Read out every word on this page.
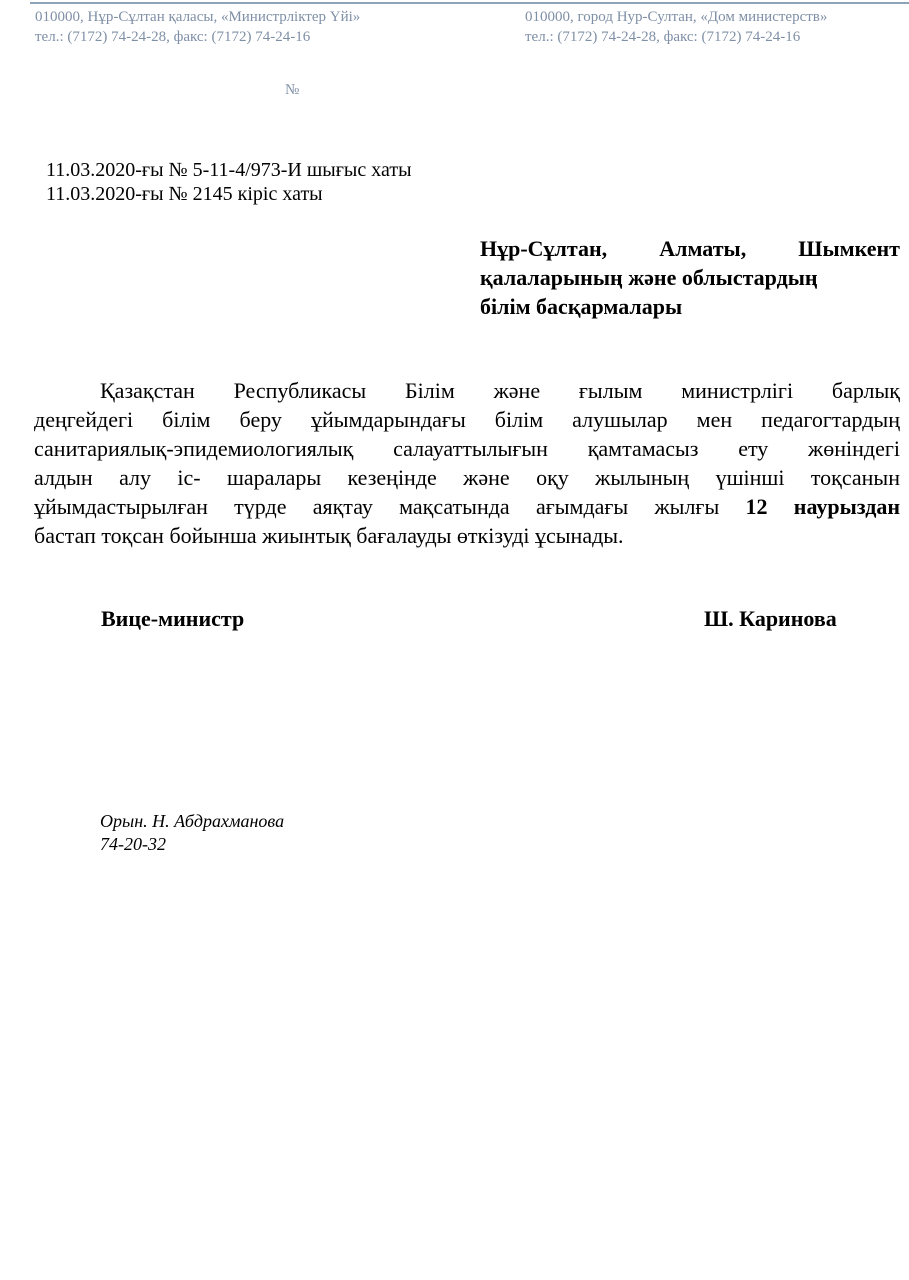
010000, Нұр-Сұлтан қаласы, «Министрліктер Үйі»
тел.: (7172) 74-24-28, факс: (7172) 74-24-16
010000, город Нур-Султан, «Дом министерств»
тел.: (7172) 74-24-28, факс: (7172) 74-24-16
№
11.03.2020-ғы № 5-11-4/973-И шығыс хаты
11.03.2020-ғы № 2145 кіріс хаты
Нұр-Сұлтан, Алматы, Шымкент
қалаларының және облыстардың
білім басқармалары
Қазақстан Республикасы Білім және ғылым министрлігі барлық
деңгейдегі білім беру ұйымдарындағы білім алушылар мен педагогтардың
санитариялық-эпидемиологиялық салауаттылығын қамтамасыз ету жөніндегі
алдын алу іс- шаралары кезеңінде және оқу жылының үшінші тоқсанын
ұйымдастырылған түрде аяқтау мақсатында ағымдағы жылғы 12 наурыздан
бастап тоқсан бойынша жиынтық бағалауды өткізуді ұсынады.
Вице-министр	Ш. Каринова
Орын. Н. Абдрахманова
74-20-32
